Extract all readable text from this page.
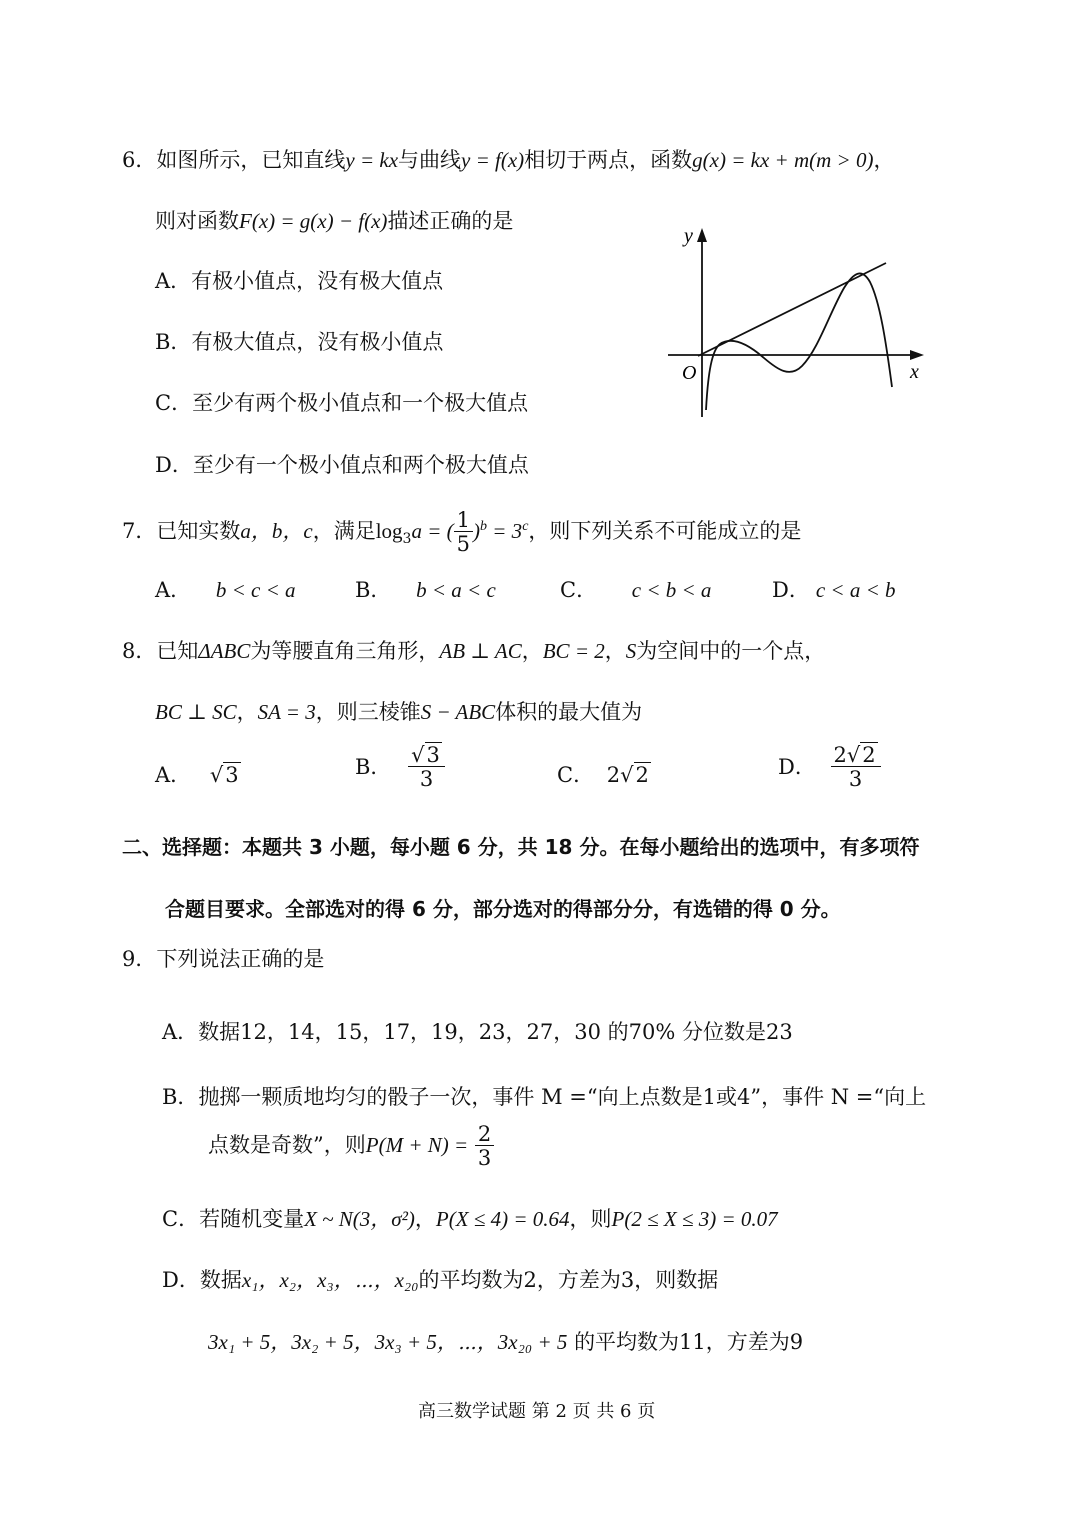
6．如图所示，已知直线y = kx与曲线y = f(x)相切于两点，函数g(x) = kx + m(m > 0)，
则对函数F(x) = g(x) − f(x)描述正确的是
A．有极小值点，没有极大值点
B．有极大值点，没有极小值点
C．至少有两个极小值点和一个极大值点
D．至少有一个极小值点和两个极大值点
y
x
O
7．已知实数a，b，c，满足$\log_3a$ = ( $\frac{1}{5} )^b = 3^c$，则下列关系不可能成立的是
A． b < c < a	B． b < a < c	C． c < b < a	D． c < a < b
8．已知ΔABC为等腰直角三角形，AB ⊥ AC，BC = 2，S为空间中的一个点，
BC ⊥ SC，SA = 3，则三棱锥S − ABC体积的最大值为
A． √3	B． $\frac{√3}{3}$	C． 2√2	D． $\frac{2√2}{3}$
二、选择题：本题共 3 小题，每小题 6 分，共 18 分。在每小题给出的选项中，有多项符
合题目要求。全部选对的得 6 分，部分选对的得部分分，有选错的得 0 分。
9．下列说法正确的是
A．数据12，14，15，17，19，23，27，30 的70% 分位数是23
B．抛掷一颗质地均匀的骰子一次，事件 M =“向上点数是1或4”，事件 N =“向上
点数是奇数”，则$P(M + N) = \frac{2}{3}$
C．若随机变量X ~ N(3，σ²)，P(X ≤ 4) = 0.64，则P(2 ≤ X ≤ 3) = 0.07
D．数据x₁，x₂，x₃，⋯，x₂₀的平均数为2，方差为3，则数据
3x₁ + 5，3x₂ + 5，3x₃ + 5，⋯，3x₂₀ + 5 的平均数为11，方差为9
高三数学试题 第 2 页 共 6 页
